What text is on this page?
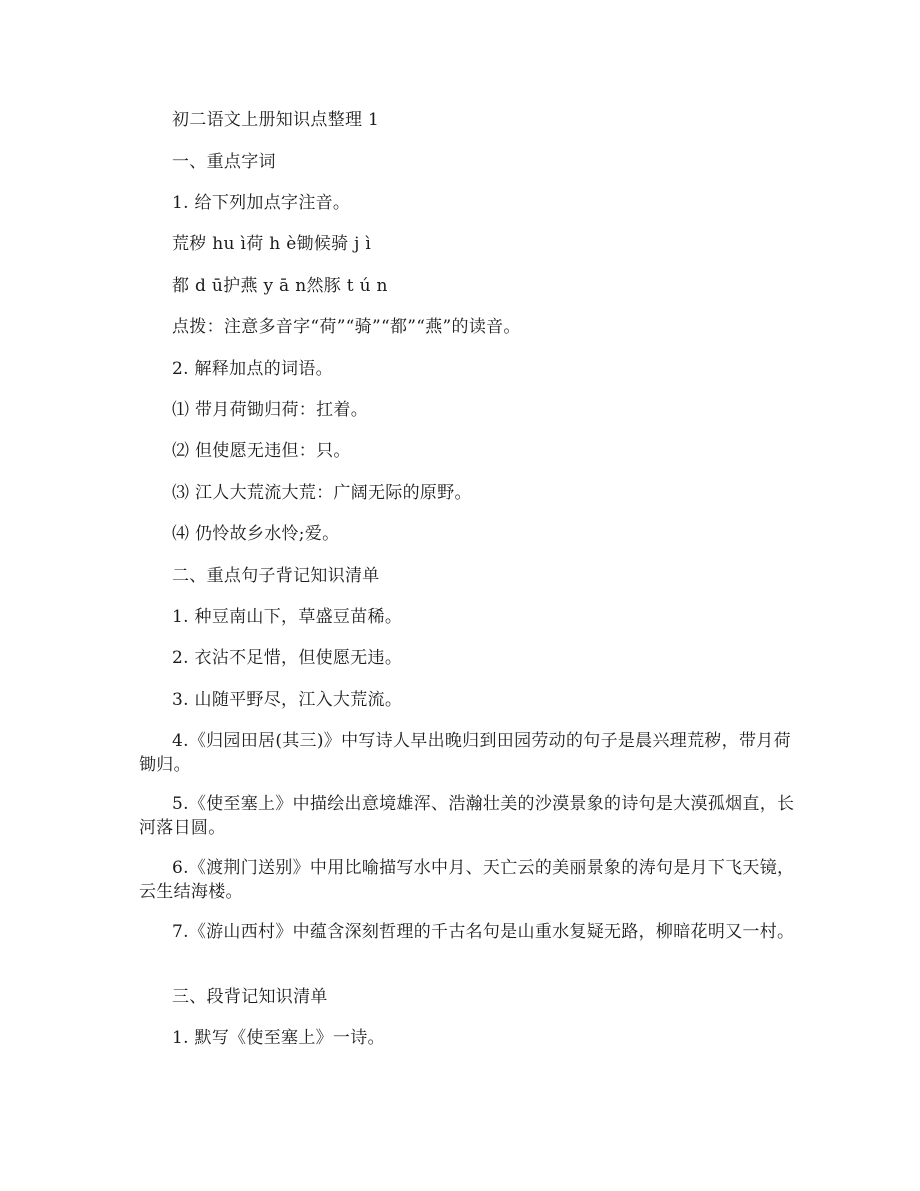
初二语文上册知识点整理 1
一、重点字词
1. 给下列加点字注音。
荒秽 hu ì荷 h è锄候骑 j ì
都 d ū护燕 y ā n然豚 t ú n
点拨：注意多音字“荷”“骑”“都”“燕”的读音。
2. 解释加点的词语。
⑴ 带月荷锄归荷：扛着。
⑵ 但使愿无违但：只。
⑶ 江人大荒流大荒：广阔无际的原野。
⑷ 仍怜故乡水怜;爱。
二、重点句子背记知识清单
1. 种豆南山下，草盛豆苗稀。
2. 衣沾不足惜，但使愿无违。
3. 山随平野尽，江入大荒流。
4.《归园田居(其三)》中写诗人早出晚归到田园劳动的句子是晨兴理荒秽，带月荷锄归。
5.《使至塞上》中描绘出意境雄浑、浩瀚壮美的沙漠景象的诗句是大漠孤烟直，长河落日圆。
6.《渡荆门送别》中用比喻描写水中月、天亡云的美丽景象的涛句是月下飞天镜，云生结海楼。
7.《游山西村》中蕴含深刻哲理的千古名句是山重水复疑无路，柳暗花明又一村。
三、段背记知识清单
1. 默写《使至塞上》一诗。
